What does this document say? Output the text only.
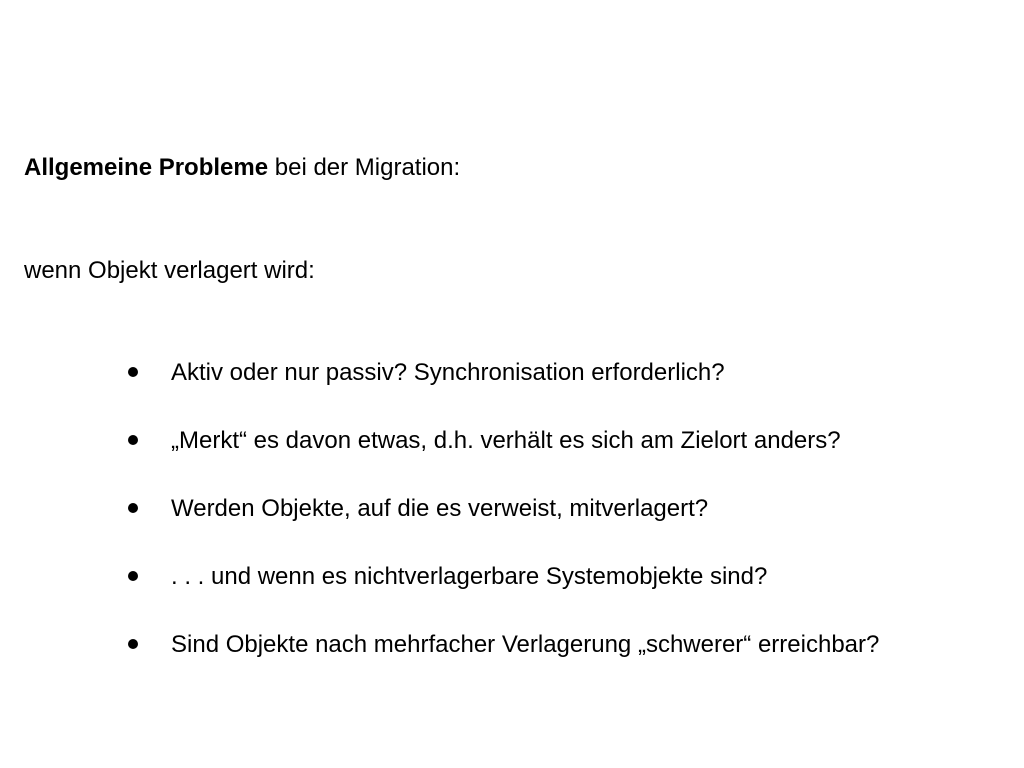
Allgemeine Probleme bei der Migration:
wenn Objekt verlagert wird:
Aktiv oder nur passiv? Synchronisation erforderlich?
„Merkt“ es davon etwas, d.h. verhält es sich am Zielort anders?
Werden Objekte, auf die es verweist, mitverlagert?
. . . und wenn es nichtverlagerbare Systemobjekte sind?
Sind Objekte nach mehrfacher Verlagerung „schwerer“ erreichbar?
